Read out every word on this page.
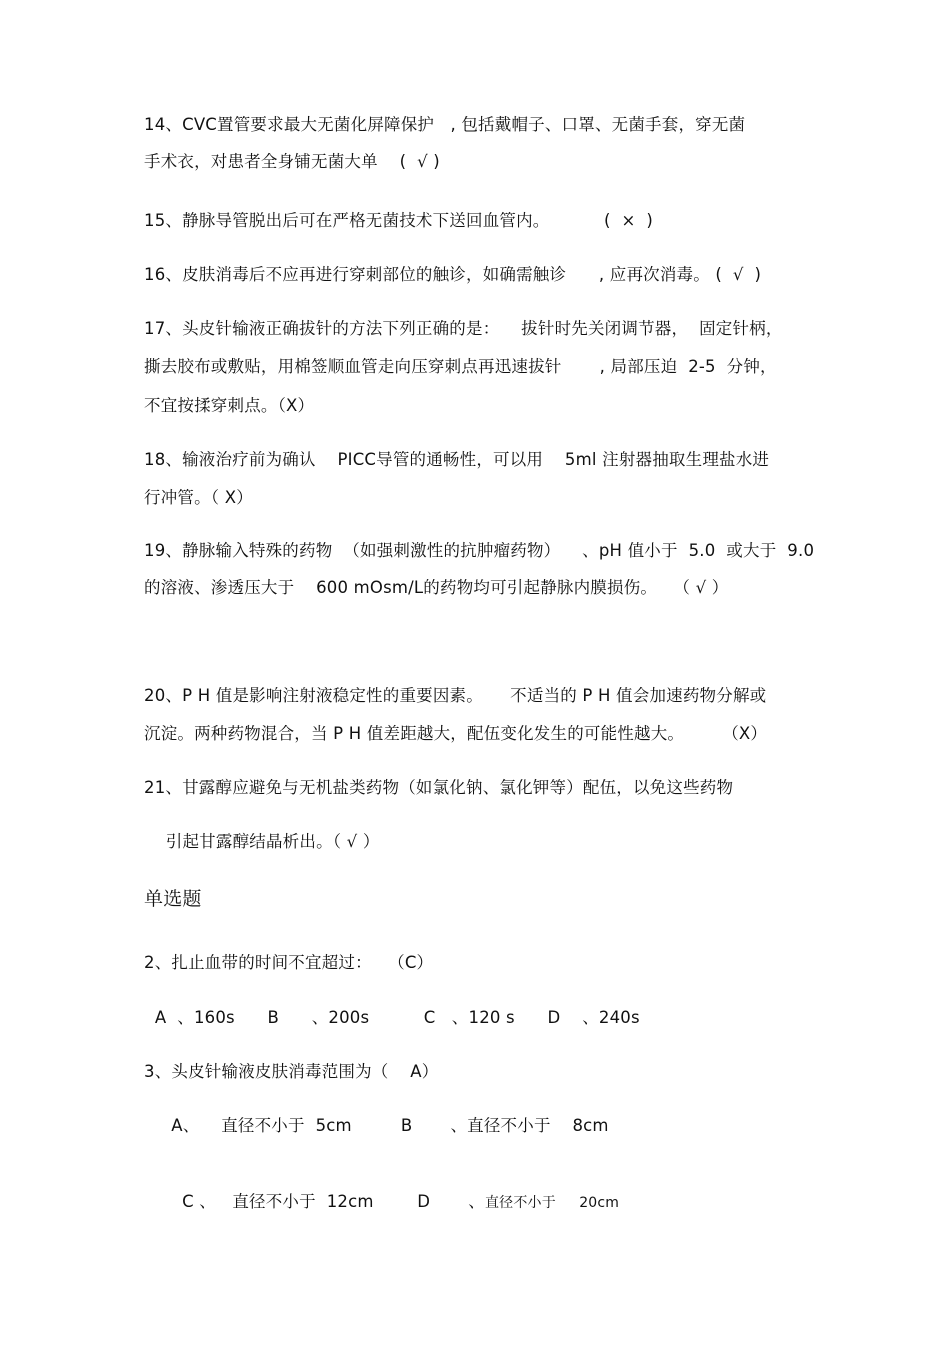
14、CVC置管要求最大无菌化屏障保护   , 包括戴帽子、口罩、无菌手套，穿无菌
手术衣，对患者全身铺无菌大单    (  √ )
15、静脉导管脱出后可在严格无菌技术下送回血管内。          (  ×  )
16、皮肤消毒后不应再进行穿刺部位的触诊，如确需触诊      , 应再次消毒。 (  √  )
17、头皮针输液正确拔针的方法下列正确的是：    拔针时先关闭调节器，  固定针柄，
撕去胶布或敷贴，用棉签顺血管走向压穿刺点再迅速拔针       , 局部压迫  2-5  分钟，
不宜按揉穿刺点。（X）
18、输液治疗前为确认    PICC导管的通畅性，可以用    5ml 注射器抽取生理盐水进
行冲管。（ X）
19、静脉输入特殊的药物  （如强刺激性的抗肿瘤药物）    、pH 值小于  5.0  或大于  9.0
的溶液、渗透压大于    600 mOsm/L的药物均可引起静脉内膜损伤。   （ √ ）
20、P H 值是影响注射液稳定性的重要因素。     不适当的 P H 值会加速药物分解或
沉淀。两种药物混合，当 P H 值差距越大，配伍变化发生的可能性越大。       （X）
21、甘露醇应避免与无机盐类药物（如氯化钠、氯化钾等）配伍，以免这些药物
引起甘露醇结晶析出。（ √ ）
单选题
2、扎止血带的时间不宜超过：   （C）
A  、160s      B      、200s          C   、120 s      D    、240s
3、头皮针输液皮肤消毒范围为（    A）
A、    直径不小于  5cm         B       、直径不小于    8cm

C 、   直径不小于  12cm        D       、直径不小于     20cm
